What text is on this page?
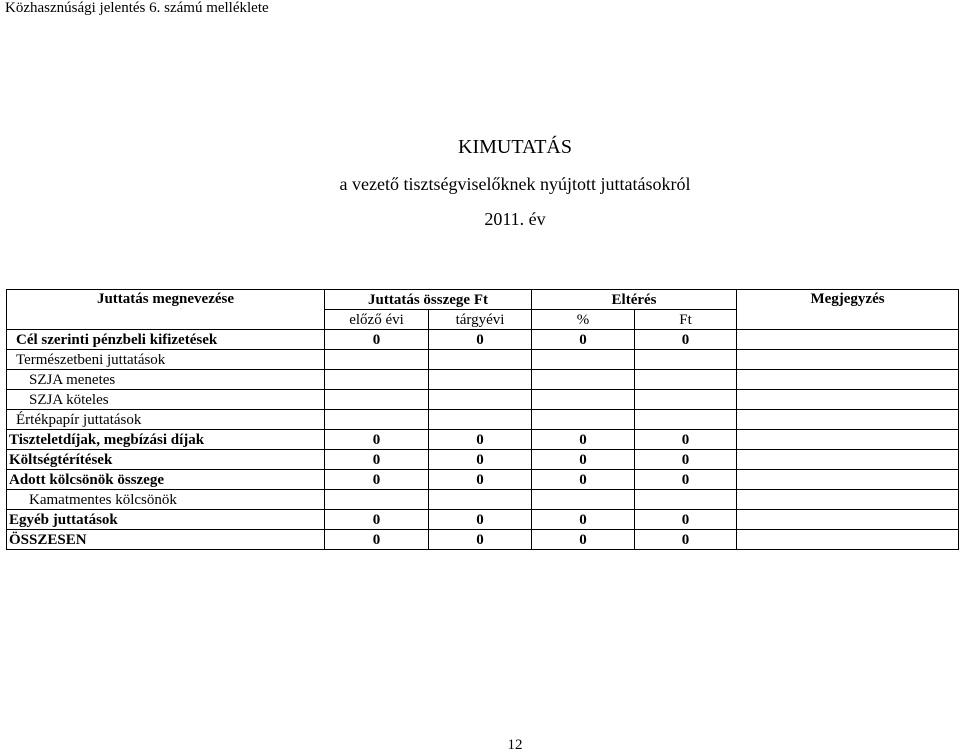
Közhasznúsági jelentés 6. számú melléklete
KIMUTATÁS
a vezető tisztségviselőknek nyújtott juttatásokról
2011. év
Juttatás megnevezése	Juttatás összege Ft		Eltérés		Megjegyzés
	előző évi	tárgyévi	%	Ft	
Cél szerinti pénzbeli kifizetések	0	0	0	0	
Természetbeni juttatások					
SZJA menetes					
SZJA köteles					
Értékpapír juttatások					
Tiszteletdíjak, megbízási díjak	0	0	0	0	
Költségtérítések	0	0	0	0	
Adott kölcsönök összege	0	0	0	0	
Kamatmentes kölcsönök					
Egyéb juttatások	0	0	0	0	
ÖSSZESEN	0	0	0	0	
12
